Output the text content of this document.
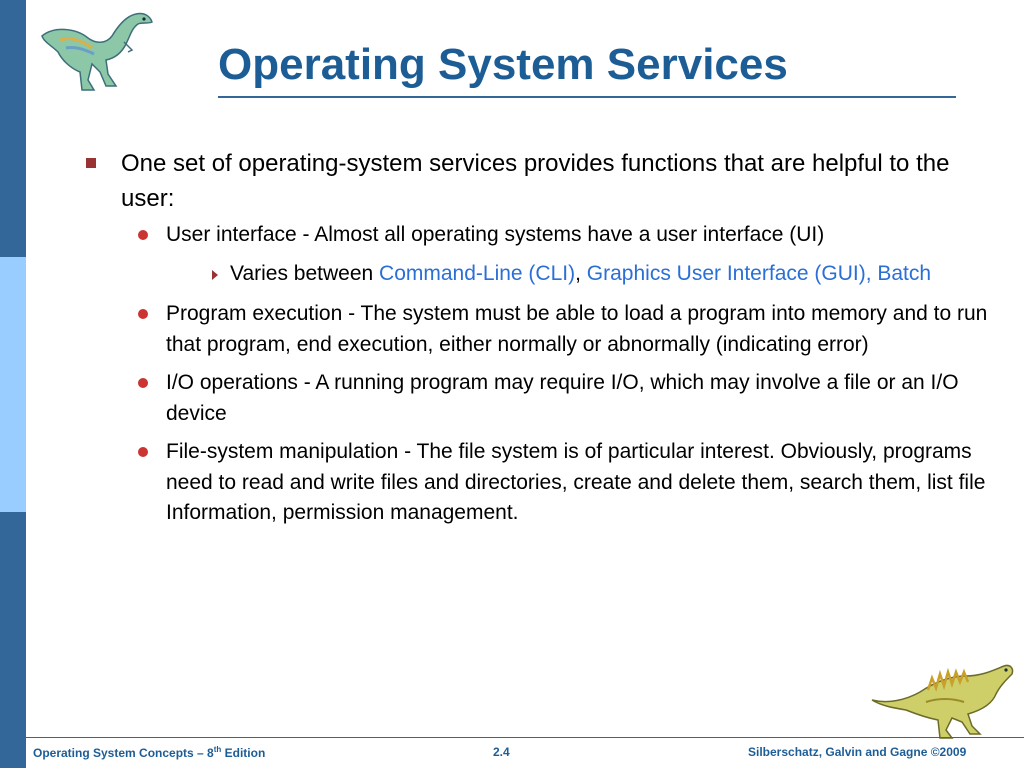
Operating System Services
One set of operating-system services provides functions that are helpful to the user:
User interface - Almost all operating systems have a user interface (UI)
Varies between Command-Line (CLI), Graphics User Interface (GUI), Batch
Program execution - The system must be able to load a program into memory and to run that program, end execution, either normally or abnormally (indicating error)
I/O operations - A running program may require I/O, which may involve a file or an I/O device
File-system manipulation - The file system is of particular interest. Obviously, programs need to read and write files and directories, create and delete them, search them, list file Information, permission management.
Operating System Concepts – 8th Edition	2.4	Silberschatz, Galvin and Gagne ©2009
